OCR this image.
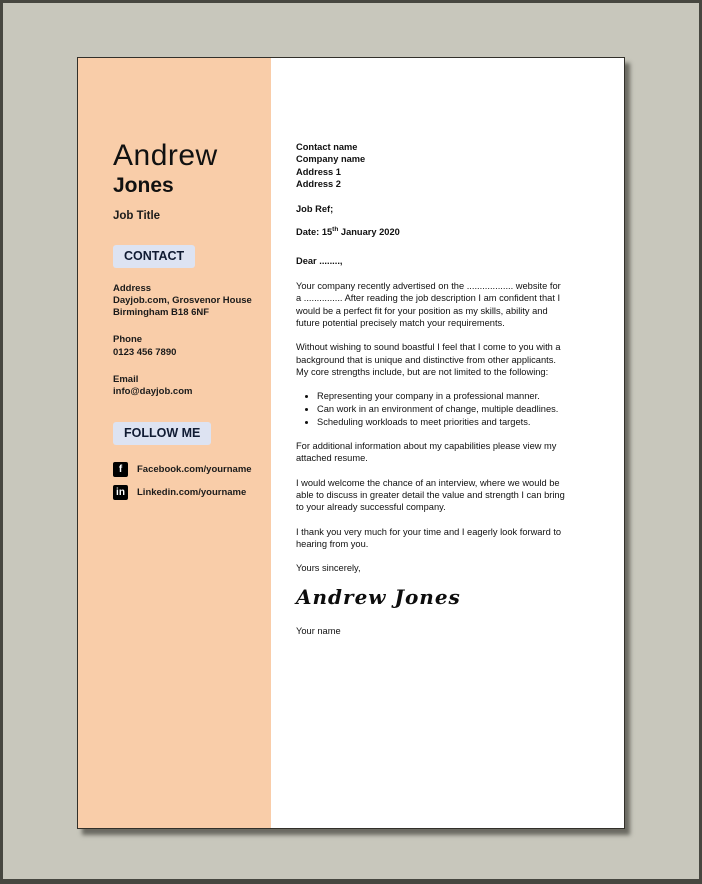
Andrew
Jones
Job Title
CONTACT
Address
Dayjob.com, Grosvenor House
Birmingham B18 6NF
Phone
0123 456 7890
Email
info@dayjob.com
FOLLOW ME
f	Facebook.com/yourname
in	Linkedin.com/yourname
Contact name
Company name
Address 1
Address 2
Job Ref;
Date: 15th January 2020
Dear ........,

Your company recently advertised on the .................. website for a ............... After reading the job description I am confident that I would be a perfect fit for your position as my skills, ability and future potential precisely match your requirements.

Without wishing to sound boastful I feel that I come to you with a background that is unique and distinctive from other applicants. My core strengths include, but are not limited to the following:

• Representing your company in a professional manner.
• Can work in an environment of change, multiple deadlines.
• Scheduling workloads to meet priorities and targets.

For additional information about my capabilities please view my attached resume.

I would welcome the chance of an interview, where we would be able to discuss in greater detail the value and strength I can bring to your already successful company.

I thank you very much for your time and I eagerly look forward to hearing from you.

Yours sincerely,
Andrew Jones
Your name
